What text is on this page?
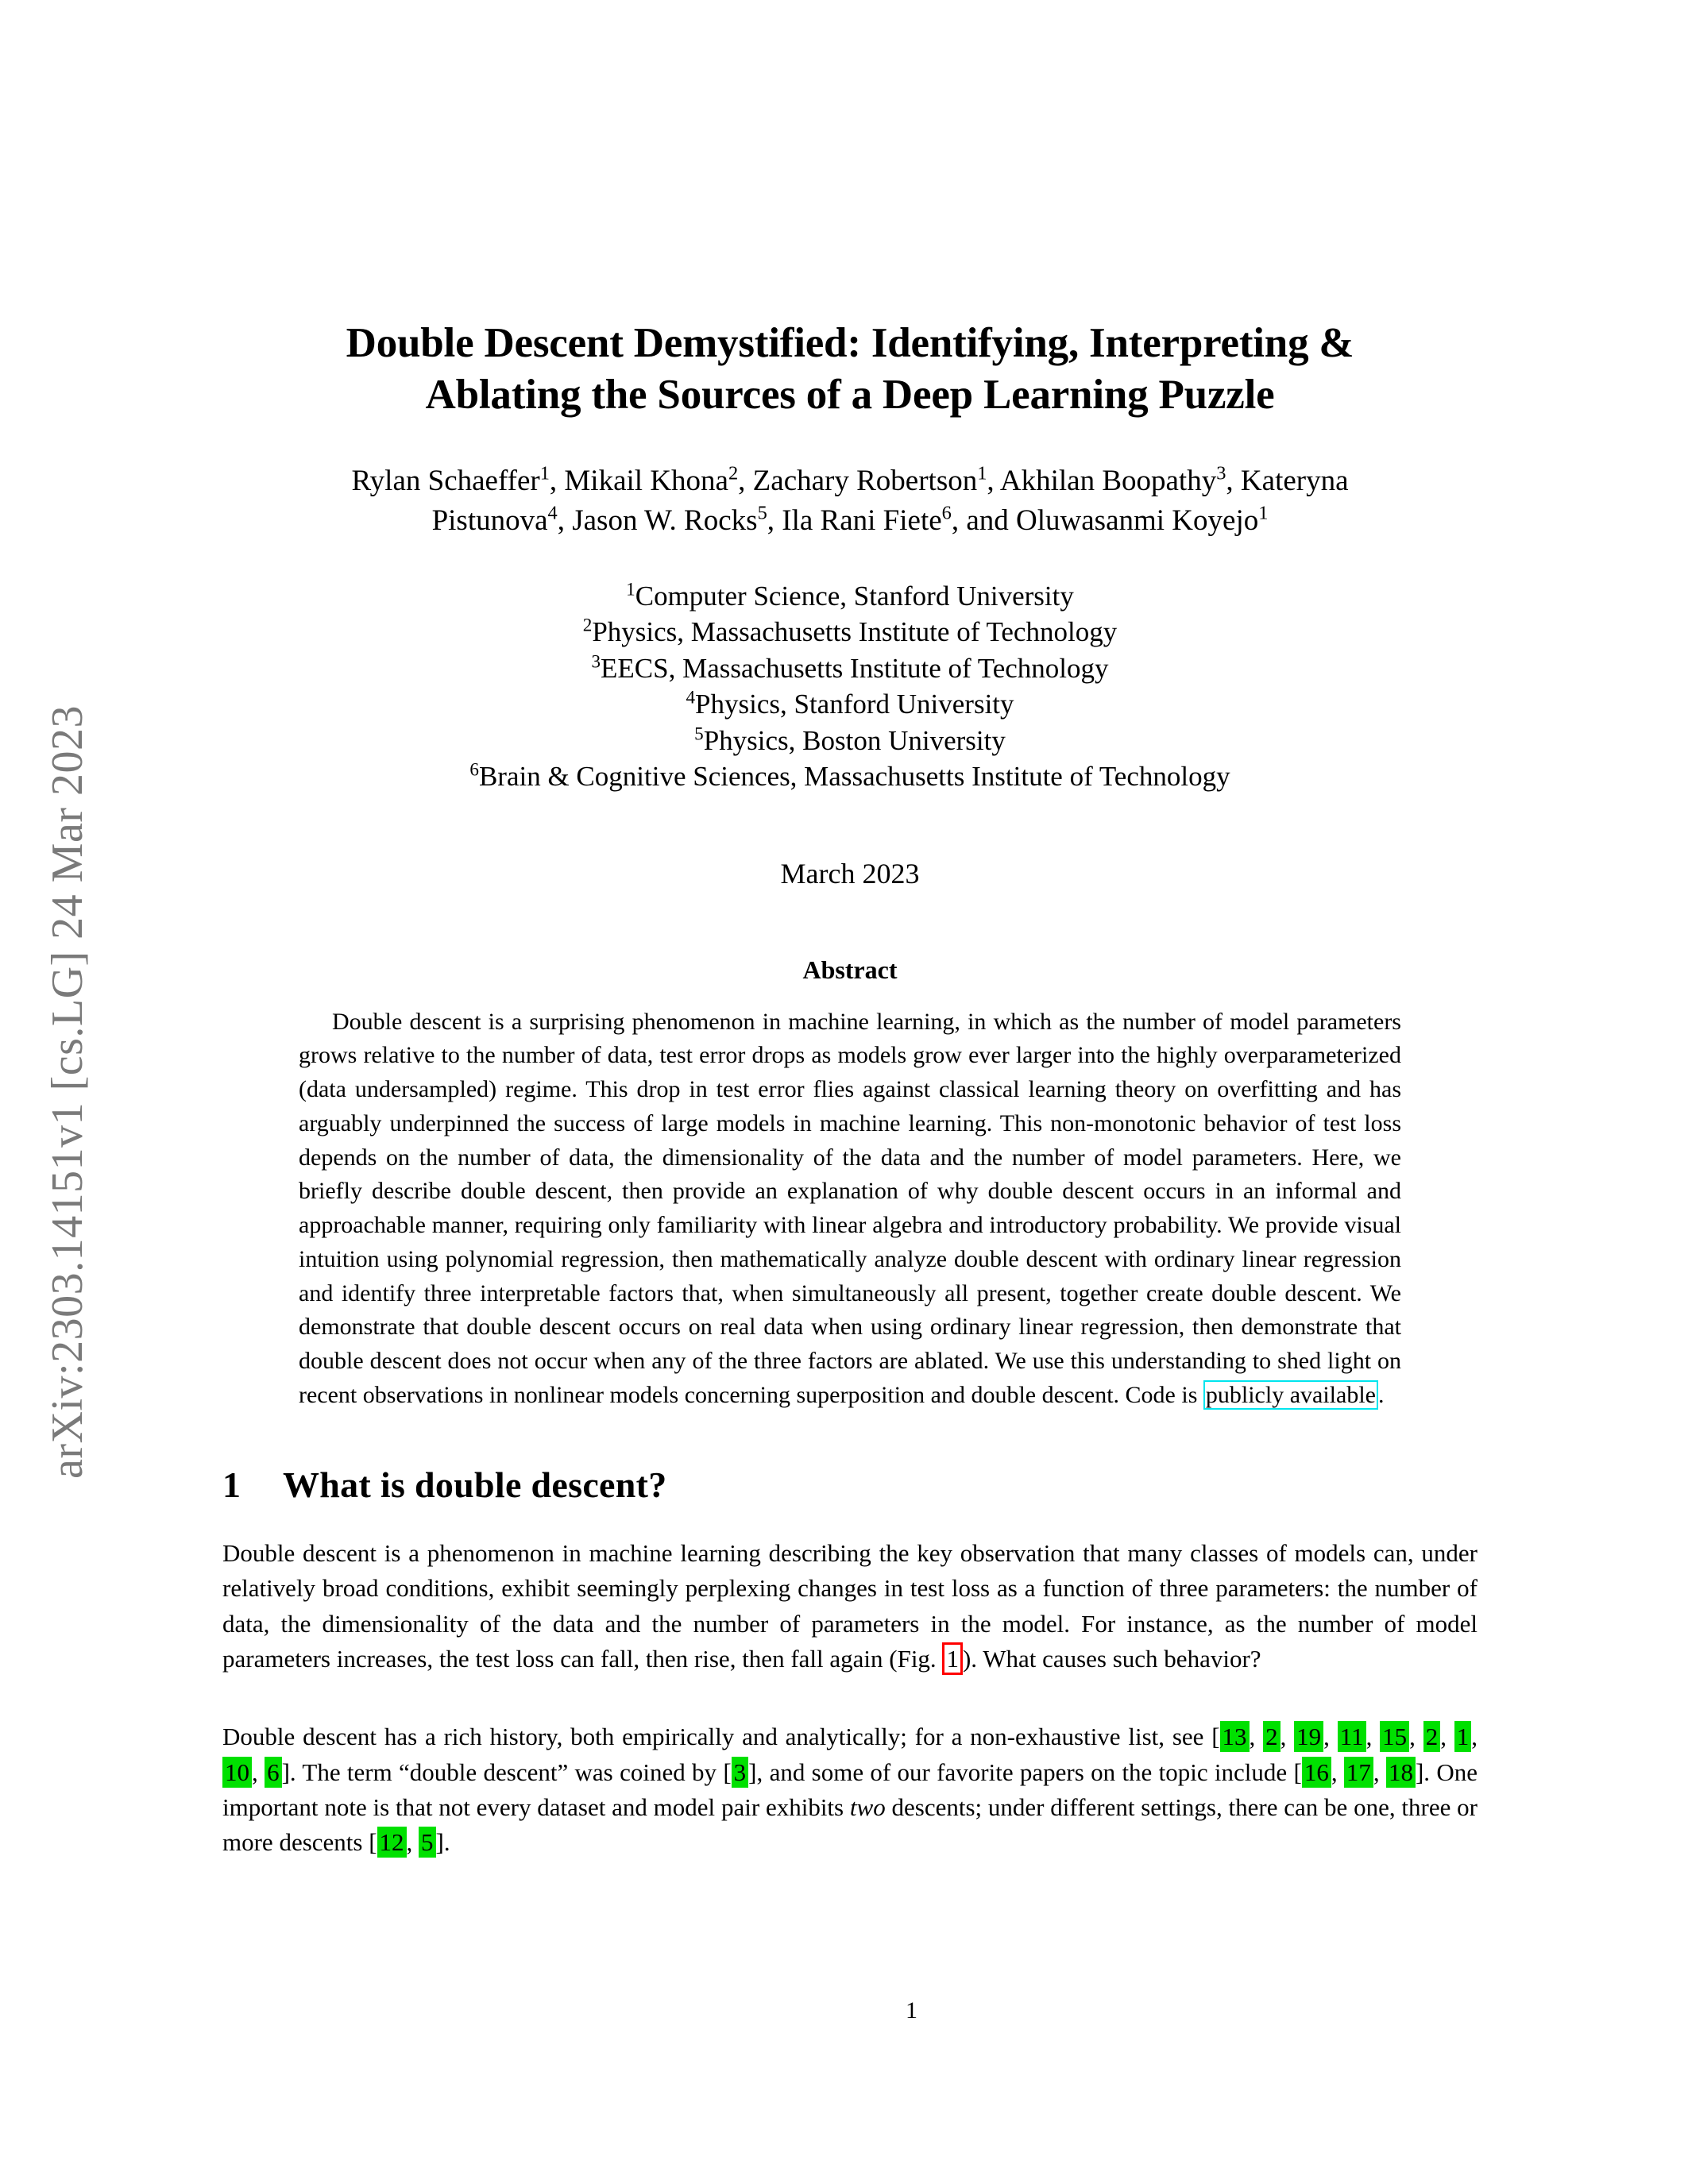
arXiv:2303.14151v1 [cs.LG] 24 Mar 2023
Double Descent Demystified: Identifying, Interpreting &
Ablating the Sources of a Deep Learning Puzzle
Rylan Schaeffer$^1$, Mikail Khona$^2$, Zachary Robertson$^1$, Akhilan Boopathy$^3$, Kateryna
Pistunova$^4$, Jason W. Rocks$^5$, Ila Rani Fiete$^6$, and Oluwasanmi Koyejo$^1$
$^1$Computer Science, Stanford University
$^2$Physics, Massachusetts Institute of Technology
$^3$EECS, Massachusetts Institute of Technology
$^4$Physics, Stanford University
$^5$Physics, Boston University
$^6$Brain & Cognitive Sciences, Massachusetts Institute of Technology
March 2023
Abstract
Double descent is a surprising phenomenon in machine learning, in which as the number of model parameters grows relative to the number of data, test error drops as models grow ever larger into the highly overparameterized (data undersampled) regime. This drop in test error flies against classical learning theory on overfitting and has arguably underpinned the success of large models in machine learning. This non-monotonic behavior of test loss depends on the number of data, the dimensionality of the data and the number of model parameters. Here, we briefly describe double descent, then provide an explanation of why double descent occurs in an informal and approachable manner, requiring only familiarity with linear algebra and introductory probability. We provide visual intuition using polynomial regression, then mathematically analyze double descent with ordinary linear regression and identify three interpretable factors that, when simultaneously all present, together create double descent. We demonstrate that double descent occurs on real data when using ordinary linear regression, then demonstrate that double descent does not occur when any of the three factors are ablated. We use this understanding to shed light on recent observations in nonlinear models concerning superposition and double descent. Code is publicly available .
1 What is double descent?

Double descent is a phenomenon in machine learning describing the key observation that many classes of models can, under relatively broad conditions, exhibit seemingly perplexing changes in test loss as a function of three parameters: the number of data, the dimensionality of the data and the number of parameters in the model. For instance, as the number of model parameters increases, the test loss can fall, then rise, then fall again (Fig. 1 ). What causes such behavior?

Double descent has a rich history, both empirically and analytically; for a non-exhaustive list, see [13, 2, 19, 11, 15, 2, 1, 10, 6]. The term “double descent” was coined by [3], and some of our favorite papers on the topic include [16, 17, 18]. One important note is that not every dataset and model pair exhibits two descents; under different settings, there can be one, three or more descents [12, 5].

1
